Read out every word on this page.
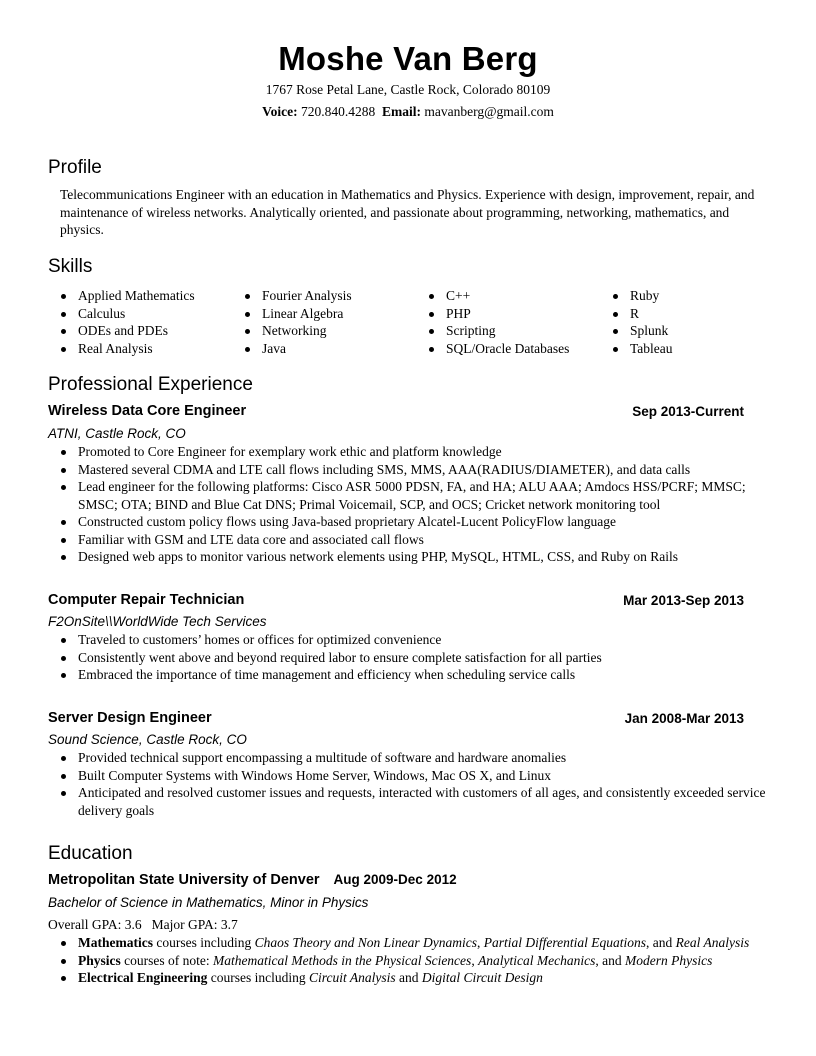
Moshe Van Berg
1767 Rose Petal Lane, Castle Rock, Colorado 80109
Voice: 720.840.4288 Email: mavanberg@gmail.com
Profile
Telecommunications Engineer with an education in Mathematics and Physics. Experience with design, improvement, repair, and maintenance of wireless networks. Analytically oriented, and passionate about programming, networking, mathematics, and physics.
Skills
Applied Mathematics
Calculus
ODEs and PDEs
Real Analysis
Fourier Analysis
Linear Algebra
Networking
Java
C++
PHP
Scripting
SQL/Oracle Databases
Ruby
R
Splunk
Tableau
Professional Experience
Wireless Data Core Engineer	Sep 2013-Current
ATNI, Castle Rock, CO
Promoted to Core Engineer for exemplary work ethic and platform knowledge
Mastered several CDMA and LTE call flows including SMS, MMS, AAA(RADIUS/DIAMETER), and data calls
Lead engineer for the following platforms: Cisco ASR 5000 PDSN, FA, and HA; ALU AAA; Amdocs HSS/PCRF; MMSC; SMSC; OTA; BIND and Blue Cat DNS; Primal Voicemail, SCP, and OCS; Cricket network monitoring tool
Constructed custom policy flows using Java-based proprietary Alcatel-Lucent PolicyFlow language
Familiar with GSM and LTE data core and associated call flows
Designed web apps to monitor various network elements using PHP, MySQL, HTML, CSS, and Ruby on Rails
Computer Repair Technician	Mar 2013-Sep 2013
F2OnSite\\WorldWide Tech Services
Traveled to customers’ homes or offices for optimized convenience
Consistently went above and beyond required labor to ensure complete satisfaction for all parties
Embraced the importance of time management and efficiency when scheduling service calls
Server Design Engineer	Jan 2008-Mar 2013
Sound Science, Castle Rock, CO
Provided technical support encompassing a multitude of software and hardware anomalies
Built Computer Systems with Windows Home Server, Windows, Mac OS X, and Linux
Anticipated and resolved customer issues and requests, interacted with customers of all ages, and consistently exceeded service delivery goals
Education
Metropolitan State University of Denver Aug 2009-Dec 2012
Bachelor of Science in Mathematics, Minor in Physics
Overall GPA: 3.6 Major GPA: 3.7
Mathematics courses including Chaos Theory and Non Linear Dynamics, Partial Differential Equations, and Real Analysis
Physics courses of note: Mathematical Methods in the Physical Sciences, Analytical Mechanics, and Modern Physics
Electrical Engineering courses including Circuit Analysis and Digital Circuit Design
